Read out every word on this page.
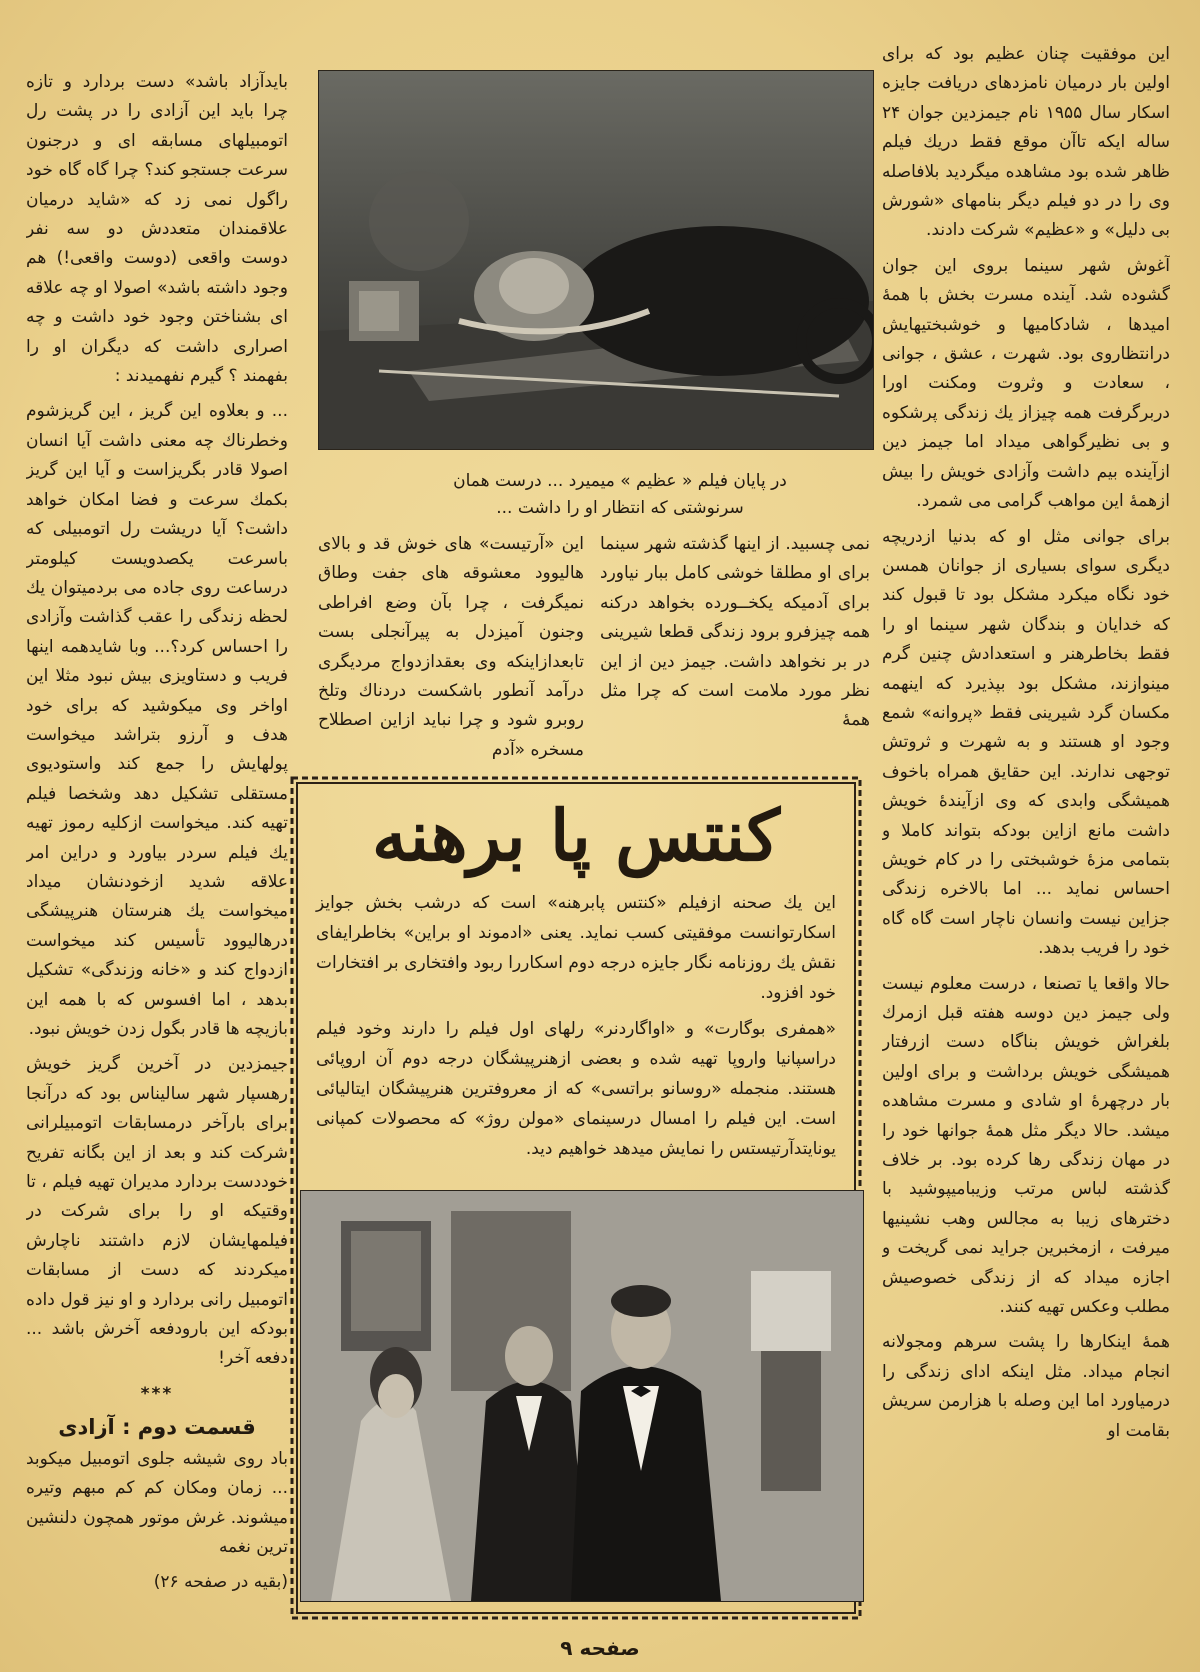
این موفقیت چنان عظیم بود که برای اولین بار درمیان نامزدهای دریافت جایزه اسکار سال ۱۹۵۵ نام جیمزدین جوان ۲۴ ساله ایکه تاآن موقع فقط دریك فیلم ظاهر شده بود مشاهده میگردید بلافاصله وی را در دو فیلم دیگر بنامهای «شورش بی دلیل» و «عظیم» شرکت دادند.

آغوش شهر سینما بروی این جوان گشوده شد. آینده مسرت بخش با همهٔ امیدها ، شادکامیها و خوشبختیهایش درانتظاروی بود. شهرت ، عشق ، جوانی ، سعادت و وثروت ومکنت اورا دربرگرفت همه چیزاز یك زندگی پرشکوه و بی نظیرگواهی میداد اما جیمز دین ازآینده بیم داشت وآزادی خویش را بیش ازهمهٔ این مواهب گرامی می شمرد.

برای جوانی مثل او که بدنیا ازدریچه دیگری سوای بسیاری از جوانان همسن خود نگاه میکرد مشکل بود تا قبول کند که خدایان و بندگان شهر سینما او را فقط بخاطرهنر و استعدادش چنین گرم مینوازند، مشکل بود بپذیرد که اینهمه مکسان گرد شیرینی فقط «پروانه» شمع وجود او هستند و به شهرت و ثروتش توجهی ندارند. این حقایق همراه باخوف همیشگی وابدی که وی ازآیندهٔ خویش داشت مانع ازاین بودکه بتواند کاملا و بتمامی مزهٔ خوشبختی را در کام خویش احساس نماید ... اما بالاخره زندگی جزاین نیست وانسان ناچار است گاه گاه خود را فریب بدهد.

حالا واقعا یا تصنعا ، درست معلوم نیست ولی جیمز دین دوسه هفته قبل ازمرك بلغراش خویش بناگاه دست ازرفتار همیشگی خویش برداشت و برای اولین بار درچهرهٔ او شادی و مسرت مشاهده میشد. حالا دیگر مثل همهٔ جوانها خود را در مهان زندگی رها کرده بود. بر خلاف گذشته لباس مرتب وزیبامیپوشید با دخترهای زیبا به مجالس وهب نشینیها میرفت ، ازمخبرین جراید نمی گریخت و اجازه میداد که از زندگی خصوصیش مطلب وعکس تهیه کنند.

همهٔ اینکارها را پشت سرهم ومجولانه انجام میداد. مثل اینکه ادای زندگی را درمیاورد اما این وصله با هزارمن سریش بقامت او

در پایان فیلم « عظیم » میمیرد ... درست همان سرنوشتی که انتظار او را داشت ...

نمی چسبید. از اینها گذشته شهر سینما برای او مطلقا خوشی کامل ببار نیاورد برای آدمیکه یکخــورده بخواهد درکنه همه چیزفرو برود زندگی قطعا شیرینی در بر نخواهد داشت. جیمز دین از این نظر مورد ملامت است که چرا مثل همهٔ

این «آرتیست» های خوش قد و بالای هالیوود معشوقه های جفت وطاق نمیگرفت ، چرا بآن وضع افراطی وجنون آمیزدل به پیرآنجلی بست تابعدازاینکه وی بعقدازدواج مردیگری درآمد آنطور باشکست دردناك وتلخ روبرو شود و چرا نباید ازاین اصطلاح مسخره «آدم

کنتس پا برهنه

این یك صحنه ازفیلم «کنتس پابرهنه» است که درشب بخش جوایز اسکارتوانست موفقیتی کسب نماید. یعنی «ادموند او براین» بخاطرایفای نقش یك روزنامه نگار جایزه درجه دوم اسکاررا ربود وافتخاری بر افتخارات خود افزود.

«همفری بوگارت» و «اواگاردنر» رلهای اول فیلم را دارند وخود فیلم دراسپانیا واروپا تهیه شده و بعضی ازهنرپیشگان درجه دوم آن اروپائی هستند. منجمله «روسانو براتسی» که از معروفترین هنرپیشگان ایتالیائی است. این فیلم را امسال درسینمای «مولن روژ» که محصولات کمپانی یونایتدآرتیستس را نمایش میدهد خواهیم دید.

بایدآزاد باشد» دست بردارد و تازه چرا باید این آزادی را در پشت رل اتومبیلهای مسابقه ای و درجنون سرعت جستجو کند؟ چرا گاه گاه خود راگول نمی زد که «شاید درمیان علاقمندان متعددش دو سه نفر دوست واقعی (دوست واقعی!) هم وجود داشته باشد» اصولا او چه علاقه ای بشناختن وجود خود داشت و چه اصراری داشت که دیگران او را بفهمند ؟ گیرم نفهمیدند :

... و بعلاوه این گریز ، این گریزشوم وخطرناك چه معنی داشت آیا انسان اصولا قادر بگریزاست و آیا این گریز بکمك سرعت و فضا امکان خواهد داشت؟ آیا دریشت رل اتومبیلی که باسرعت یکصدویست کیلومتر درساعت روی جاده می بردمیتوان یك لحظه زندگی را عقب گذاشت وآزادی را احساس کرد؟... وبا شایدهمه اینها فریب و دستاویزی بیش نبود مثلا این اواخر وی میکوشید که برای خود هدف و آرزو بتراشد میخواست پولهایش را جمع کند واستودیوی مستقلی تشکیل دهد وشخصا فیلم تهیه کند. میخواست ازکلیه رموز تهیه یك فیلم سردر بیاورد و دراین امر علاقه شدید ازخودنشان میداد میخواست یك هنرستان هنرپیشگی درهالیوود تأسیس کند میخواست ازدواج کند و «خانه وزندگی» تشکیل بدهد ، اما افسوس که با همه این بازیچه ها قادر بگول زدن خویش نبود.

جیمزدین در آخرین گریز خویش رهسپار شهر سالیناس بود که درآنجا برای بارآخر درمسابقات اتومبیلرانی شرکت کند و بعد از این بگانه تفریح خوددست بردارد مدیران تهیه فیلم ، تا وقتیکه او را برای شرکت در فیلمهایشان لازم داشتند ناچارش میکردند که دست از مسابقات اتومبیل رانی بردارد و او نیز قول داده بودکه این بارودفعه آخرش باشد ... دفعه آخر!

***
قسمت دوم : آزادی

باد روی شیشه جلوی اتومبیل میکوبد ... زمان ومکان کم کم مبهم وتیره میشوند. غرش موتور همچون دلنشین ترین نغمه

(بقیه در صفحه ۲۶)

صفحه ۹
